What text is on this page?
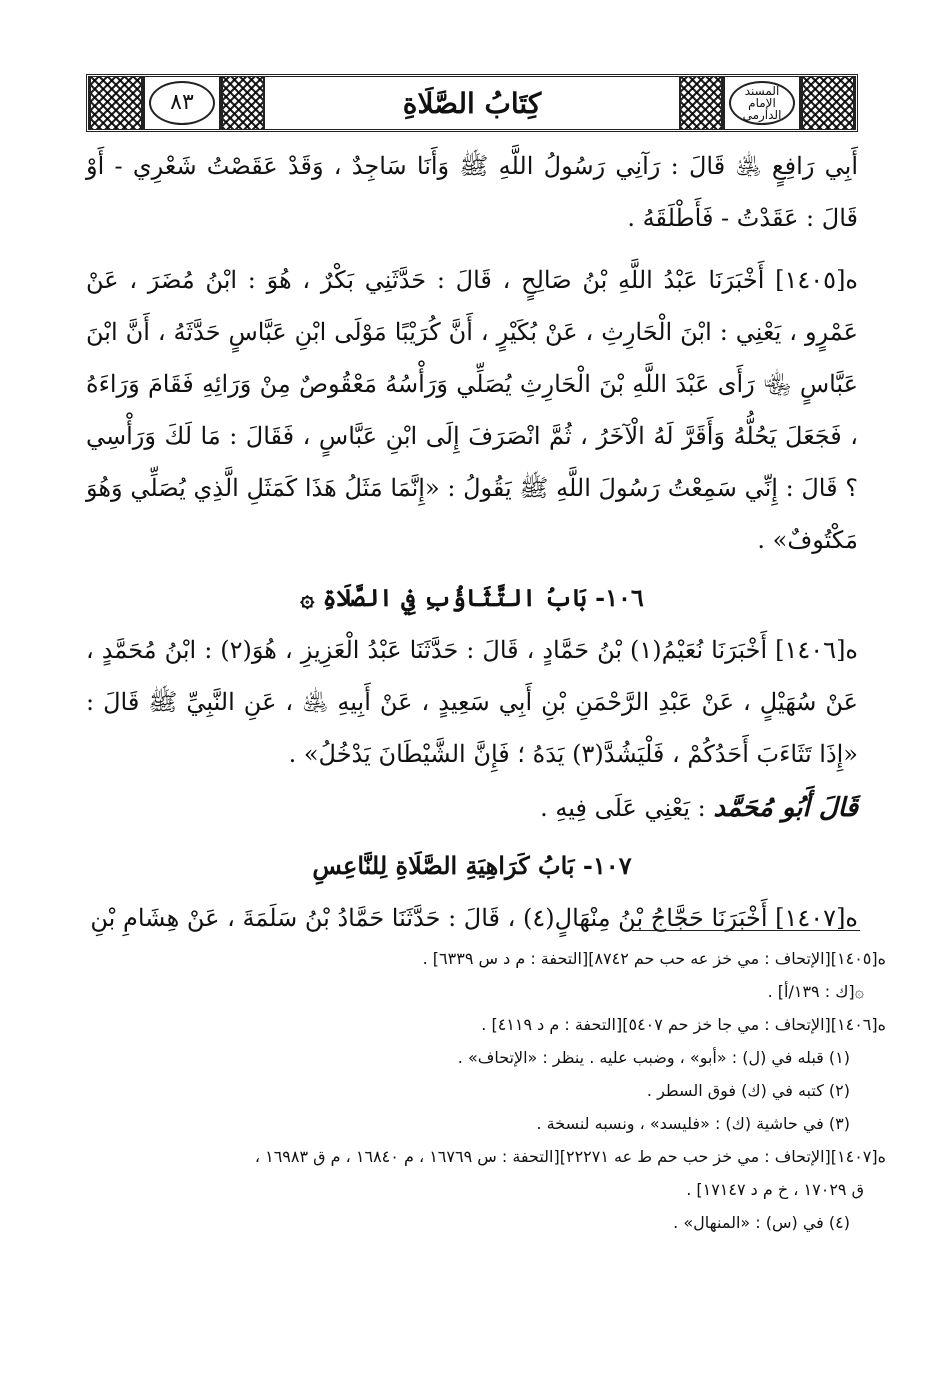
٨٣	كِتَابُ الصَّلَاةِ	المسند الإمام الدارمي

أَبِي رَافِعٍ ﵁ قَالَ : رَآنِي رَسُولُ اللَّهِ ﷺ وَأَنَا سَاجِدٌ ، وَقَدْ عَقَصْتُ شَعْرِي - أَوْ قَالَ : عَقَدْتُ - فَأَطْلَقَهُ .

ه[١٤٠٥] أَخْبَرَنَا عَبْدُ اللَّهِ بْنُ صَالِحٍ ، قَالَ : حَدَّثَنِي بَكْرٌ ، هُوَ : ابْنُ مُضَرَ ، عَنْ عَمْرٍو ، يَعْنِي : ابْنَ الْحَارِثِ ، عَنْ بُكَيْرٍ ، أَنَّ كُرَيْبًا مَوْلَى ابْنِ عَبَّاسٍ حَدَّثَهُ ، أَنَّ ابْنَ عَبَّاسٍ ﵄ رَأَى عَبْدَ اللَّهِ بْنَ الْحَارِثِ يُصَلِّي وَرَأْسُهُ مَعْقُوصٌ مِنْ وَرَائِهِ فَقَامَ وَرَاءَهُ ، فَجَعَلَ يَحُلُّهُ وَأَقَرَّ لَهُ الْآخَرُ ، ثُمَّ انْصَرَفَ إِلَى ابْنِ عَبَّاسٍ ، فَقَالَ : مَا لَكَ وَرَأْسِي ؟ قَالَ : إِنِّي سَمِعْتُ رَسُولَ اللَّهِ ﷺ يَقُولُ : «إِنَّمَا مَثَلُ هَذَا كَمَثَلِ الَّذِي يُصَلِّي وَهُوَ مَكْتُوفٌ» .

١٠٦- بَابُ التَّثَاؤُبِ فِي الصَّلَاةِ ۞

ه[١٤٠٦] أَخْبَرَنَا نُعَيْمُ(١) بْنُ حَمَّادٍ ، قَالَ : حَدَّثَنَا عَبْدُ الْعَزِيزِ ، هُوَ(٢) : ابْنُ مُحَمَّدٍ ، عَنْ سُهَيْلٍ ، عَنْ عَبْدِ الرَّحْمَنِ بْنِ أَبِي سَعِيدٍ ، عَنْ أَبِيهِ ﵁ ، عَنِ النَّبِيِّ ﷺ قَالَ : «إِذَا تَثَاءَبَ أَحَدُكُمْ ، فَلْيَشُدَّ(٣) يَدَهُ ؛ فَإِنَّ الشَّيْطَانَ يَدْخُلُ» .

قَالَ أَبُو مُحَمَّد : يَعْنِي عَلَى فِيهِ .

١٠٧- بَابُ كَرَاهِيَةِ الصَّلَاةِ لِلنَّاعِسِ

ه[١٤٠٧] أَخْبَرَنَا حَجَّاجُ بْنُ مِنْهَالٍ(٤) ، قَالَ : حَدَّثَنَا حَمَّادُ بْنُ سَلَمَةَ ، عَنْ هِشَامِ بْنِ

ه[١٤٠٥][الإتحاف : مي خز عه حب حم ٨٧٤٢][التحفة : م د س ٦٣٣٩] .

۞[ك : ١٣٩/أ] .

ه[١٤٠٦][الإتحاف : مي جا خز حم ٥٤٠٧][التحفة : م د ٤١١٩] .

(١) قبله في (ل) : «أبو» ، وضبب عليه . ينظر : «الإتحاف» .

(٢) كتبه في (ك) فوق السطر .

(٣) في حاشية (ك) : «فليسد» ، ونسبه لنسخة .

ه[١٤٠٧][الإتحاف : مي خز حب حم ط عه ٢٢٢٧١][التحفة : س ١٦٧٦٩ ، م ١٦٨٤٠ ، م ق ١٦٩٨٣ ،

ق ١٧٠٢٩ ، خ م د ١٧١٤٧] .

(٤) في (س) : «المنهال» .
